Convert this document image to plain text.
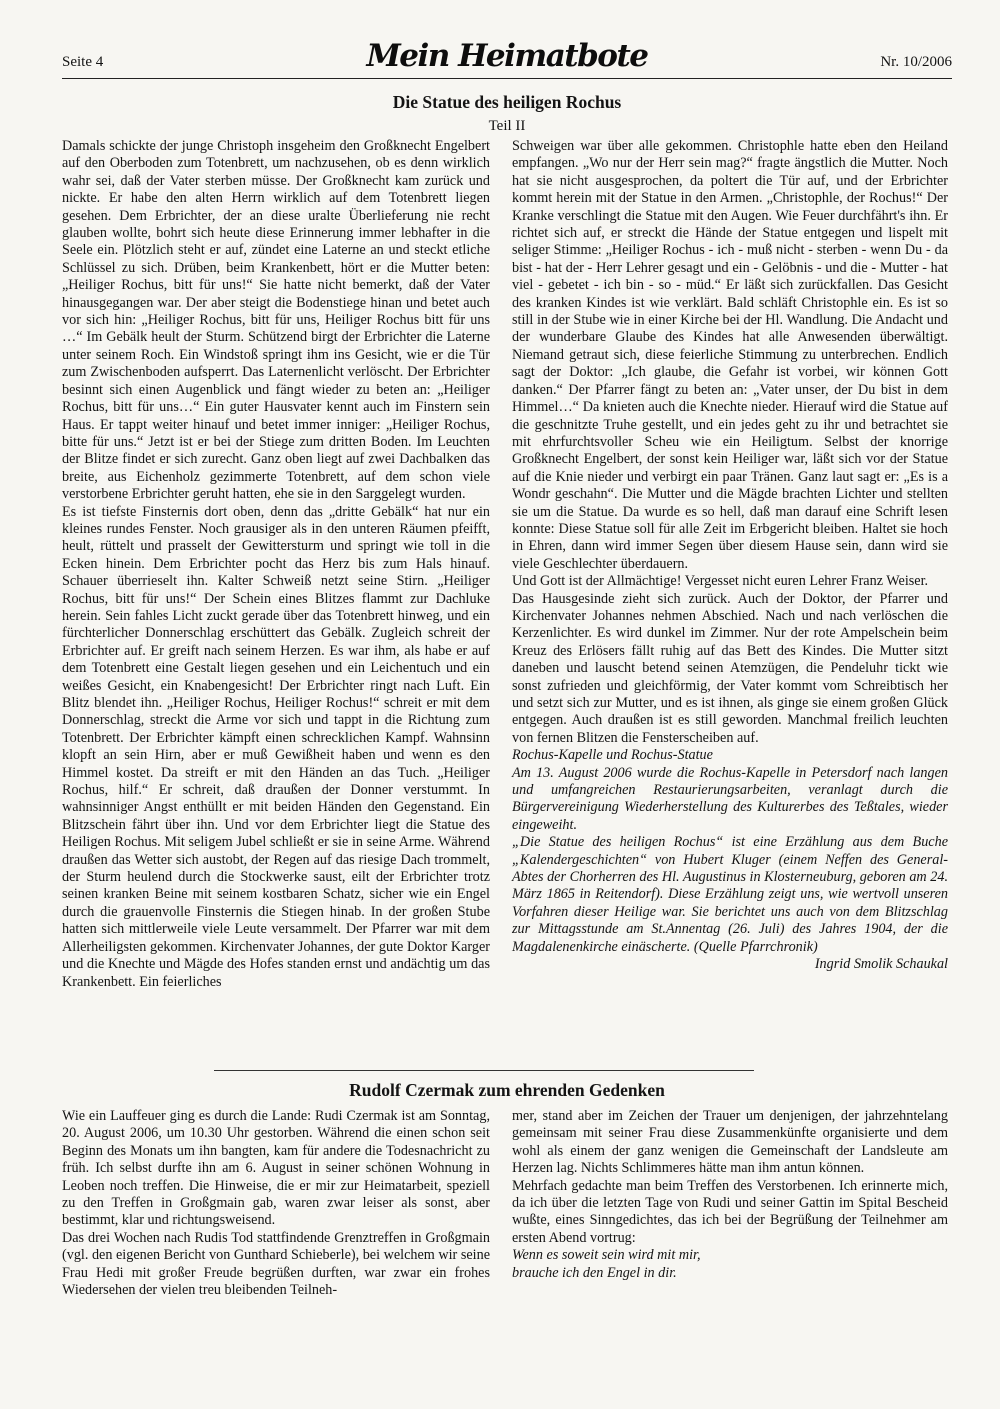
Seite 4	Mein Heimatbote	Nr. 10/2006
Die Statue des heiligen Rochus
Teil II

Damals schickte der junge Christoph insgeheim den Großknecht Engelbert auf den Oberboden zum Totenbrett, um nachzusehen, ob es denn wirklich wahr sei, daß der Vater sterben müsse. Der Großknecht kam zurück und nickte. Er habe den alten Herrn wirklich auf dem Totenbrett liegen gesehen. Dem Erbrichter, der an diese uralte Überlieferung nie recht glauben wollte, bohrt sich heute diese Erinnerung immer lebhafter in die Seele ein. Plötzlich steht er auf, zündet eine Laterne an und steckt etliche Schlüssel zu sich. Drüben, beim Krankenbett, hört er die Mutter beten: „Heiliger Rochus, bitt für uns!“ Sie hatte nicht bemerkt, daß der Vater hinausgegangen war. Der aber steigt die Bodenstiege hinan und betet auch vor sich hin: „Heiliger Rochus, bitt für uns, Heiliger Rochus bitt für uns …“ Im Gebälk heult der Sturm. Schützend birgt der Erbrichter die Laterne unter seinem Roch. Ein Windstoß springt ihm ins Gesicht, wie er die Tür zum Zwischenboden aufsperrt. Das Laternenlicht verlöscht. Der Erbrichter besinnt sich einen Augenblick und fängt wieder zu beten an: „Heiliger Rochus, bitt für uns…“ Ein guter Hausvater kennt auch im Finstern sein Haus. Er tappt weiter hinauf und betet immer inniger: „Heiliger Rochus, bitte für uns.“ Jetzt ist er bei der Stiege zum dritten Boden. Im Leuchten der Blitze findet er sich zurecht. Ganz oben liegt auf zwei Dachbalken das breite, aus Eichenholz gezimmerte Totenbrett, auf dem schon viele verstorbene Erbrichter geruht hatten, ehe sie in den Sarggelegt wurden.

Es ist tiefste Finsternis dort oben, denn das „dritte Gebälk“ hat nur ein kleines rundes Fenster. Noch grausiger als in den unteren Räumen pfeifft, heult, rüttelt und prasselt der Gewittersturm und springt wie toll in die Ecken hinein. Dem Erbrichter pocht das Herz bis zum Hals hinauf. Schauer überrieselt ihn. Kalter Schweiß netzt seine Stirn. „Heiliger Rochus, bitt für uns!“ Der Schein eines Blitzes flammt zur Dachluke herein. Sein fahles Licht zuckt gerade über das Totenbrett hinweg, und ein fürchterlicher Donnerschlag erschüttert das Gebälk. Zugleich schreit der Erbrichter auf. Er greift nach seinem Herzen. Es war ihm, als habe er auf dem Totenbrett eine Gestalt liegen gesehen und ein Leichentuch und ein weißes Gesicht, ein Knabengesicht! Der Erbrichter ringt nach Luft. Ein Blitz blendet ihn. „Heiliger Rochus, Heiliger Rochus!“ schreit er mit dem Donnerschlag, streckt die Arme vor sich und tappt in die Richtung zum Totenbrett. Der Erbrichter kämpft einen schrecklichen Kampf. Wahnsinn klopft an sein Hirn, aber er muß Gewißheit haben und wenn es den Himmel kostet. Da streift er mit den Händen an das Tuch. „Heiliger Rochus, hilf.“ Er schreit, daß draußen der Donner verstummt. In wahnsinniger Angst enthüllt er mit beiden Händen den Gegenstand. Ein Blitzschein fährt über ihn. Und vor dem Erbrichter liegt die Statue des Heiligen Rochus. Mit seligem Jubel schließt er sie in seine Arme. Während draußen das Wetter sich austobt, der Regen auf das riesige Dach trommelt, der Sturm heulend durch die Stockwerke saust, eilt der Erbrichter trotz seinen kranken Beine mit seinem kostbaren Schatz, sicher wie ein Engel durch die grauenvolle Finsternis die Stiegen hinab. In der großen Stube hatten sich mittlerweile viele Leute versammelt. Der Pfarrer war mit dem Allerheiligsten gekommen. Kirchenvater Johannes, der gute Doktor Karger und die Knechte und Mägde des Hofes standen ernst und andächtig um das Krankenbett. Ein feierliches

Schweigen war über alle gekommen. Christophle hatte eben den Heiland empfangen. „Wo nur der Herr sein mag?“ fragte ängstlich die Mutter. Noch hat sie nicht ausgesprochen, da poltert die Tür auf, und der Erbrichter kommt herein mit der Statue in den Armen. „Christophle, der Rochus!“ Der Kranke verschlingt die Statue mit den Augen. Wie Feuer durchfährt's ihn. Er richtet sich auf, er streckt die Hände der Statue entgegen und lispelt mit seliger Stimme: „Heiliger Rochus - ich - muß nicht - sterben - wenn Du - da bist - hat der - Herr Lehrer gesagt und ein - Gelöbnis - und die - Mutter - hat viel - gebetet - ich bin - so - müd.“ Er läßt sich zurückfallen. Das Gesicht des kranken Kindes ist wie verklärt. Bald schläft Christophle ein. Es ist so still in der Stube wie in einer Kirche bei der Hl. Wandlung. Die Andacht und der wunderbare Glaube des Kindes hat alle Anwesenden überwältigt. Niemand getraut sich, diese feierliche Stimmung zu unterbrechen. Endlich sagt der Doktor: „Ich glaube, die Gefahr ist vorbei, wir können Gott danken.“ Der Pfarrer fängt zu beten an: „Vater unser, der Du bist in dem Himmel…“ Da knieten auch die Knechte nieder. Hierauf wird die Statue auf die geschnitzte Truhe gestellt, und ein jedes geht zu ihr und betrachtet sie mit ehrfurchtsvoller Scheu wie ein Heiligtum. Selbst der knorrige Großknecht Engelbert, der sonst kein Heiliger war, läßt sich vor der Statue auf die Knie nieder und verbirgt ein paar Tränen. Ganz laut sagt er: „Es is a Wondr geschahn“. Die Mutter und die Mägde brachten Lichter und stellten sie um die Statue. Da wurde es so hell, daß man darauf eine Schrift lesen konnte: Diese Statue soll für alle Zeit im Erbgericht bleiben. Haltet sie hoch in Ehren, dann wird immer Segen über diesem Hause sein, dann wird sie viele Geschlechter überdauern.

Und Gott ist der Allmächtige! Vergesset nicht euren Lehrer Franz Weiser.

Das Hausgesinde zieht sich zurück. Auch der Doktor, der Pfarrer und Kirchenvater Johannes nehmen Abschied. Nach und nach verlöschen die Kerzenlichter. Es wird dunkel im Zimmer. Nur der rote Ampelschein beim Kreuz des Erlösers fällt ruhig auf das Bett des Kindes. Die Mutter sitzt daneben und lauscht betend seinen Atemzügen, die Pendeluhr tickt wie sonst zufrieden und gleichförmig, der Vater kommt vom Schreibtisch her und setzt sich zur Mutter, und es ist ihnen, als ginge sie einem großen Glück entgegen. Auch draußen ist es still geworden. Manchmal freilich leuchten von fernen Blitzen die Fensterscheiben auf.

Rochus-Kapelle und Rochus-Statue

Am 13. August 2006 wurde die Rochus-Kapelle in Petersdorf nach langen und umfangreichen Restaurierungsarbeiten, veranlagt durch die Bürgervereinigung Wiederherstellung des Kulturerbes des Teßtales, wieder eingeweiht.

„Die Statue des heiligen Rochus“ ist eine Erzählung aus dem Buche „Kalendergeschichten“ von Hubert Kluger (einem Neffen des General-Abtes der Chorherren des Hl. Augustinus in Klosterneuburg, geboren am 24. März 1865 in Reitendorf). Diese Erzählung zeigt uns, wie wertvoll unseren Vorfahren dieser Heilige war. Sie berichtet uns auch von dem Blitzschlag zur Mittagsstunde am St.Annentag (26. Juli) des Jahres 1904, der die Magdalenenkirche einäscherte. (Quelle Pfarrchronik)

Ingrid Smolik Schaukal

Rudolf Czermak zum ehrenden Gedenken

Wie ein Lauffeuer ging es durch die Lande: Rudi Czermak ist am Sonntag, 20. August 2006, um 10.30 Uhr gestorben. Während die einen schon seit Beginn des Monats um ihn bangten, kam für andere die Todesnachricht zu früh. Ich selbst durfte ihn am 6. August in seiner schönen Wohnung in Leoben noch treffen. Die Hinweise, die er mir zur Heimatarbeit, speziell zu den Treffen in Großgmain gab, waren zwar leiser als sonst, aber bestimmt, klar und richtungsweisend.

Das drei Wochen nach Rudis Tod stattfindende Grenztreffen in Großgmain (vgl. den eigenen Bericht von Gunthard Schieberle), bei welchem wir seine Frau Hedi mit großer Freude begrüßen durften, war zwar ein frohes Wiedersehen der vielen treu bleibenden Teilneh-

mer, stand aber im Zeichen der Trauer um denjenigen, der jahrzehntelang gemeinsam mit seiner Frau diese Zusammenkünfte organisierte und dem wohl als einem der ganz wenigen die Gemeinschaft der Landsleute am Herzen lag. Nichts Schlimmeres hätte man ihm antun können.

Mehrfach gedachte man beim Treffen des Verstorbenen. Ich erinnerte mich, da ich über die letzten Tage von Rudi und seiner Gattin im Spital Bescheid wußte, eines Sinngedichtes, das ich bei der Begrüßung der Teilnehmer am ersten Abend vortrug:

Wenn es soweit sein wird mit mir,

brauche ich den Engel in dir.
